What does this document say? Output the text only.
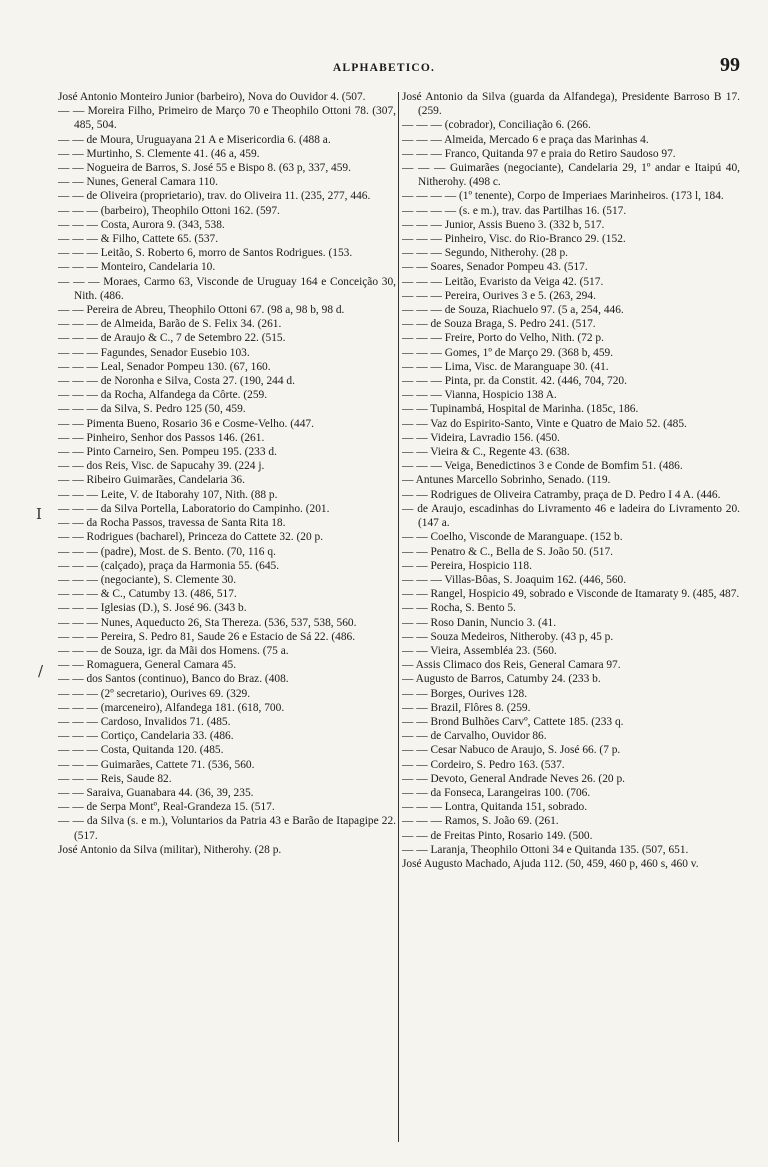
ALPHABETICO.	99
I
/

José Antonio Monteiro Junior (barbeiro), Nova do Ouvidor 4. (507.

— — Moreira Filho, Primeiro de Março 70 e Theophilo Ottoni 78. (307, 485, 504.

— — de Moura, Uruguayana 21 A e Misericordia 6. (488 a.

— — Murtinho, S. Clemente 41. (46 a, 459.

— — Nogueira de Barros, S. José 55 e Bispo 8. (63 p, 337, 459.

— — Nunes, General Camara 110.

— — de Oliveira (proprietario), trav. do Oliveira 11. (235, 277, 446.

— — — (barbeiro), Theophilo Ottoni 162. (597.

— — — Costa, Aurora 9. (343, 538.

— — — & Filho, Cattete 65. (537.

— — — Leitão, S. Roberto 6, morro de Santos Rodrigues. (153.

— — — Monteiro, Candelaria 10.

— — — Moraes, Carmo 63, Visconde de Uruguay 164 e Conceição 30, Nith. (486.

— — Pereira de Abreu, Theophilo Ottoni 67. (98 a, 98 b, 98 d.

— — — de Almeida, Barão de S. Felix 34. (261.

— — — de Araujo & C., 7 de Setembro 22. (515.

— — — Fagundes, Senador Eusebio 103.

— — — Leal, Senador Pompeu 130. (67, 160.

— — — de Noronha e Silva, Costa 27. (190, 244 d.

— — — da Rocha, Alfandega da Côrte. (259.

— — — da Silva, S. Pedro 125 (50, 459.

— — Pimenta Bueno, Rosario 36 e Cosme-Velho. (447.

— — Pinheiro, Senhor dos Passos 146. (261.

— — Pinto Carneiro, Sen. Pompeu 195. (233 d.

— — dos Reis, Visc. de Sapucahy 39. (224 j.

— — Ribeiro Guimarães, Candelaria 36.

— — — Leite, V. de Itaborahy 107, Nith. (88 p.

— — — da Silva Portella, Laboratorio do Campinho. (201.

— — da Rocha Passos, travessa de Santa Rita 18.

— — Rodrigues (bacharel), Princeza do Cattete 32. (20 p.

— — — (padre), Most. de S. Bento. (70, 116 q.

— — — (calçado), praça da Harmonia 55. (645.

— — — (negociante), S. Clemente 30.

— — — & C., Catumby 13. (486, 517.

— — — Iglesias (D.), S. José 96. (343 b.

— — — Nunes, Aqueducto 26, Sta Thereza. (536, 537, 538, 560.

— — — Pereira, S. Pedro 81, Saude 26 e Estacio de Sá 22. (486.

— — — de Souza, igr. da Mãi dos Homens. (75 a.

— — Romaguera, General Camara 45.

— — dos Santos (continuo), Banco do Braz. (408.

— — — (2º secretario), Ourives 69. (329.

— — — (marceneiro), Alfandega 181. (618, 700.

— — — Cardoso, Invalidos 71. (485.

— — — Cortiço, Candelaria 33. (486.

— — — Costa, Quitanda 120. (485.

— — — Guimarães, Cattete 71. (536, 560.

— — — Reis, Saude 82.

— — Saraiva, Guanabara 44. (36, 39, 235.

— — de Serpa Montº, Real-Grandeza 15. (517.

— — da Silva (s. e m.), Voluntarios da Patria 43 e Barão de Itapagipe 22. (517.

José Antonio da Silva (militar), Nitherohy. (28 p.

José Antonio da Silva (guarda da Alfandega), Presidente Barroso B 17. (259.

— — — (cobrador), Conciliação 6. (266.

— — — Almeida, Mercado 6 e praça das Marinhas 4.

— — — Franco, Quitanda 97 e praia do Retiro Saudoso 97.

— — — Guimarães (negociante), Candelaria 29, 1º andar e Itaipú 40, Nitherohy. (498 c.

— — — — (1º tenente), Corpo de Imperiaes Marinheiros. (173 l, 184.

— — — — (s. e m.), trav. das Partilhas 16. (517.

— — — Junior, Assis Bueno 3. (332 b, 517.

— — — Pinheiro, Visc. do Rio-Branco 29. (152.

— — — Segundo, Nitherohy. (28 p.

— — Soares, Senador Pompeu 43. (517.

— — — Leitão, Evaristo da Veiga 42. (517.

— — — Pereira, Ourives 3 e 5. (263, 294.

— — — de Souza, Riachuelo 97. (5 a, 254, 446.

— — de Souza Braga, S. Pedro 241. (517.

— — — Freire, Porto do Velho, Nith. (72 p.

— — — Gomes, 1º de Março 29. (368 b, 459.

— — — Lima, Visc. de Maranguape 30. (41.

— — — Pinta, pr. da Constit. 42. (446, 704, 720.

— — — Vianna, Hospicio 138 A.

— — Tupinambá, Hospital de Marinha. (185c, 186.

— — Vaz do Espirito-Santo, Vinte e Quatro de Maio 52. (485.

— — Videira, Lavradio 156. (450.

— — Vieira & C., Regente 43. (638.

— — — Veiga, Benedictinos 3 e Conde de Bomfim 51. (486.

— Antunes Marcello Sobrinho, Senado. (119.

— — Rodrigues de Oliveira Catramby, praça de D. Pedro I 4 A. (446.

— de Araujo, escadinhas do Livramento 46 e ladeira do Livramento 20. (147 a.

— — Coelho, Visconde de Maranguape. (152 b.

— — Penatro & C., Bella de S. João 50. (517.

— — Pereira, Hospicio 118.

— — — Villas-Bôas, S. Joaquim 162. (446, 560.

— — Rangel, Hospicio 49, sobrado e Visconde de Itamaraty 9. (485, 487.

— — Rocha, S. Bento 5.

— — Roso Danin, Nuncio 3. (41.

— — Souza Medeiros, Nitheroby. (43 p, 45 p.

— — Vieira, Assembléa 23. (560.

— Assis Climaco dos Reis, General Camara 97.

— Augusto de Barros, Catumby 24. (233 b.

— — Borges, Ourives 128.

— — Brazil, Flôres 8. (259.

— — Brond Bulhões Carvº, Cattete 185. (233 q.

— — de Carvalho, Ouvidor 86.

— — Cesar Nabuco de Araujo, S. José 66. (7 p.

— — Cordeiro, S. Pedro 163. (537.

— — Devoto, General Andrade Neves 26. (20 p.

— — da Fonseca, Larangeiras 100. (706.

— — — Lontra, Quitanda 151, sobrado.

— — — Ramos, S. João 69. (261.

— — de Freitas Pinto, Rosario 149. (500.

— — Laranja, Theophilo Ottoni 34 e Quitanda 135. (507, 651.

José Augusto Machado, Ajuda 112. (50, 459, 460 p, 460 s, 460 v.
